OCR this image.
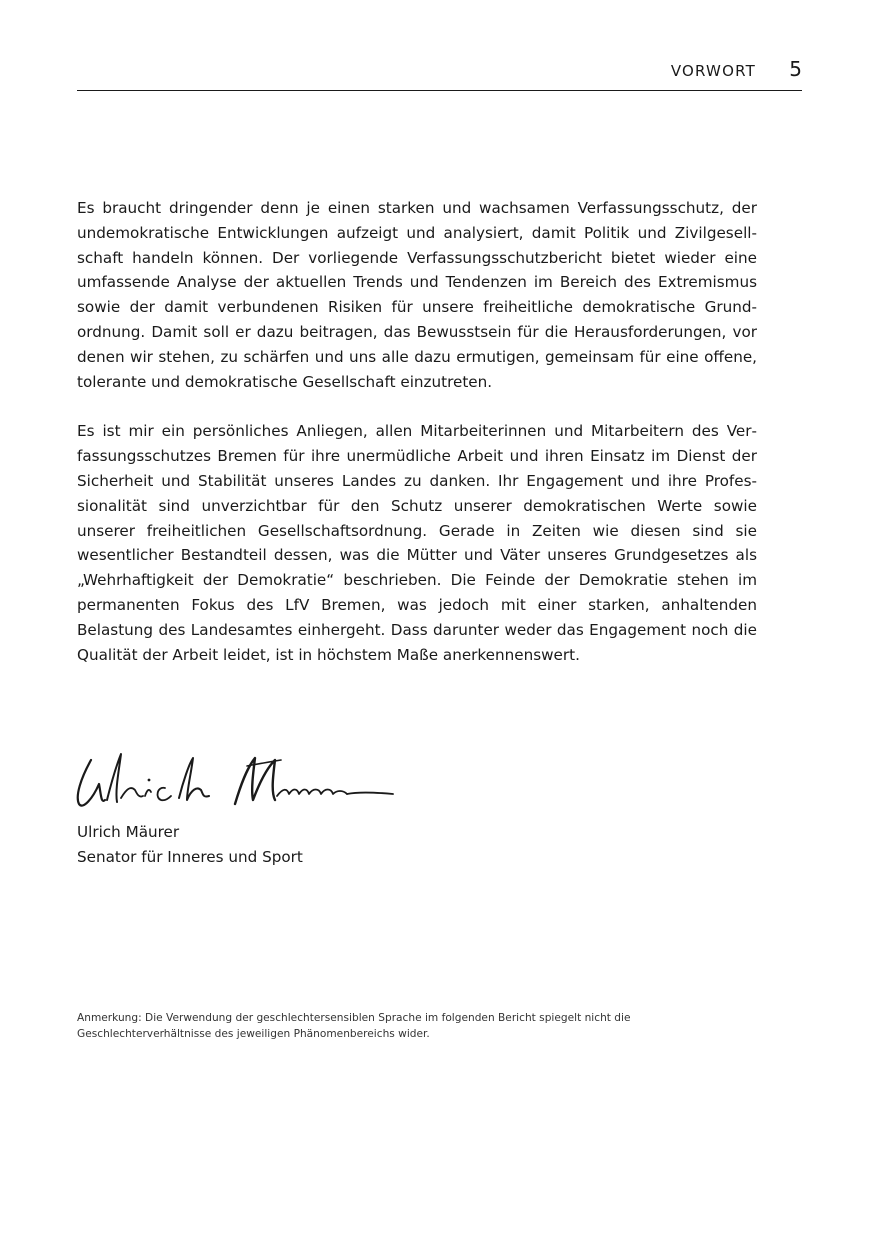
VORWORT 5

Es braucht dringender denn je einen starken und wachsamen Verfassungsschutz, der undemokratische Entwicklungen aufzeigt und analysiert, damit Politik und Zivilgesellschaft handeln können. Der vorliegende Verfassungsschutzbericht bietet wieder eine umfassende Analyse der aktuellen Trends und Tendenzen im Bereich des Extremismus sowie der damit verbundenen Risiken für unsere freiheitliche demokratische Grundordnung. Damit soll er dazu beitragen, das Bewusstsein für die Herausforderungen, vor denen wir stehen, zu schärfen und uns alle dazu ermutigen, gemeinsam für eine offene, tolerante und demokratische Gesellschaft einzutreten.

Es ist mir ein persönliches Anliegen, allen Mitarbeiterinnen und Mitarbeitern des Verfassungsschutzes Bremen für ihre unermüdliche Arbeit und ihren Einsatz im Dienst der Sicherheit und Stabilität unseres Landes zu danken. Ihr Engagement und ihre Professionalität sind unverzichtbar für den Schutz unserer demokratischen Werte sowie unserer freiheitlichen Gesellschaftsordnung. Gerade in Zeiten wie diesen sind sie wesentlicher Bestandteil dessen, was die Mütter und Väter unseres Grundgesetzes als „Wehrhaftigkeit der Demokratie“ beschrieben. Die Feinde der Demokratie stehen im permanenten Fokus des LfV Bremen, was jedoch mit einer starken, anhaltenden Belastung des Landesamtes einhergeht. Dass darunter weder das Engagement noch die Qualität der Arbeit leidet, ist in höchstem Maße anerkennenswert.

Ulrich Mäurer
Senator für Inneres und Sport
Anmerkung: Die Verwendung der geschlechtersensiblen Sprache im folgenden Bericht spiegelt nicht die Geschlechterverhältnisse des jeweiligen Phänomenbereichs wider.
